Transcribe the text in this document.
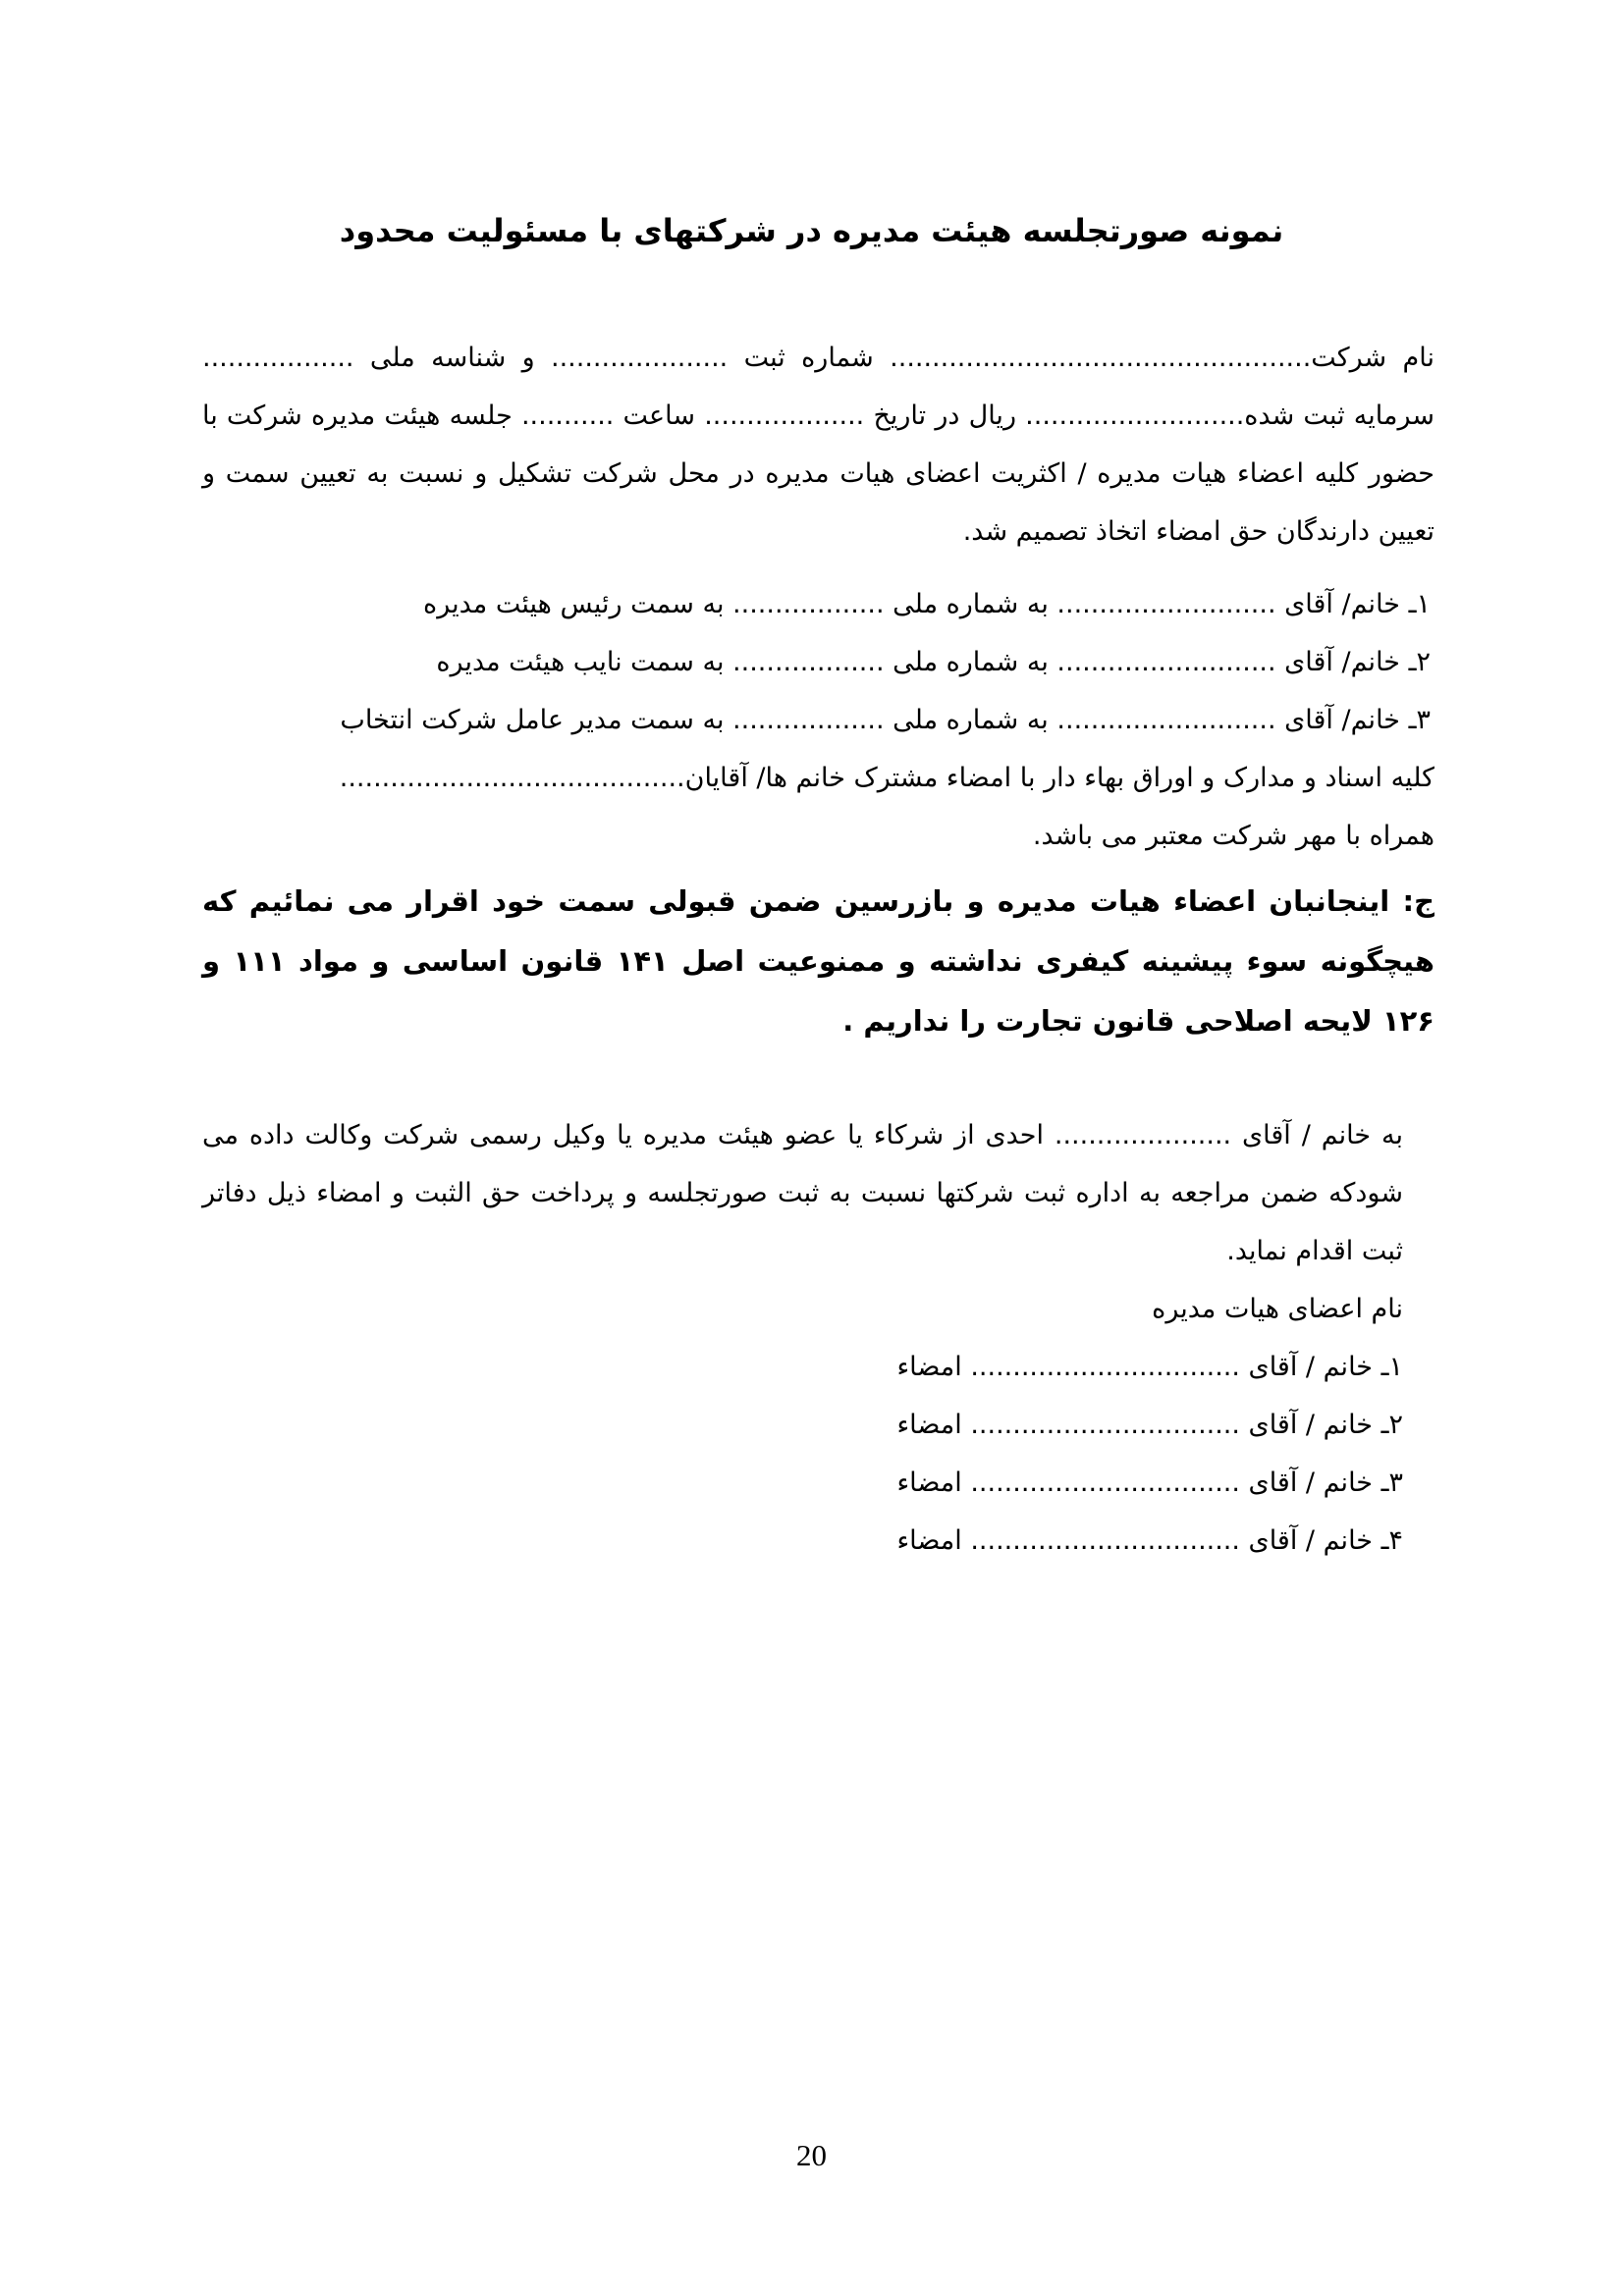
نمونه صورتجلسه هیئت مدیره در شرکتهای با مسئولیت محدود

نام شرکت.................................................. شماره ثبت ..................... و شناسه ملی .................. سرمایه ثبت شده.......................... ریال در تاریخ ................... ساعت ........... جلسه هیئت مدیره شرکت با حضور کلیه اعضاء هیات مدیره / اکثریت اعضای هیات مدیره در محل شرکت تشکیل و نسبت به تعیین سمت و تعیین دارندگان حق امضاء اتخاذ تصمیم شد.

۱ـ خانم/ آقای .......................... به شماره ملی .................. به سمت رئیس هیئت مدیره
۲ـ خانم/ آقای .......................... به شماره ملی .................. به سمت نایب هیئت مدیره
۳ـ خانم/ آقای .......................... به شماره ملی .................. به سمت مدیر عامل شرکت انتخاب
کلیه اسناد و مدارک و اوراق بهاء دار با امضاء مشترک خانم ها/ آقایان.........................................
همراه با مهر شرکت معتبر می باشد.

ج: اینجانبان اعضاء هیات مدیره و بازرسین ضمن قبولی سمت خود اقرار می نمائیم که هیچگونه سوء پیشینه کیفری نداشته و ممنوعیت اصل ۱۴۱ قانون اساسی و مواد ۱۱۱ و ۱۲۶ لایحه اصلاحی قانون تجارت را نداریم .

به خانم / آقای ..................... احدی از شرکاء یا عضو هیئت مدیره یا وکیل رسمی شرکت وکالت داده می شودکه ضمن مراجعه به اداره ثبت شرکتها نسبت به ثبت صورتجلسه و پرداخت حق الثبت و امضاء ذیل دفاتر ثبت اقدام نماید.

نام اعضای هیات مدیره
۱ـ خانم / آقای ................................ امضاء
۲ـ خانم / آقای ................................ امضاء
۳ـ خانم / آقای ................................ امضاء
۴ـ خانم / آقای ................................ امضاء
20
